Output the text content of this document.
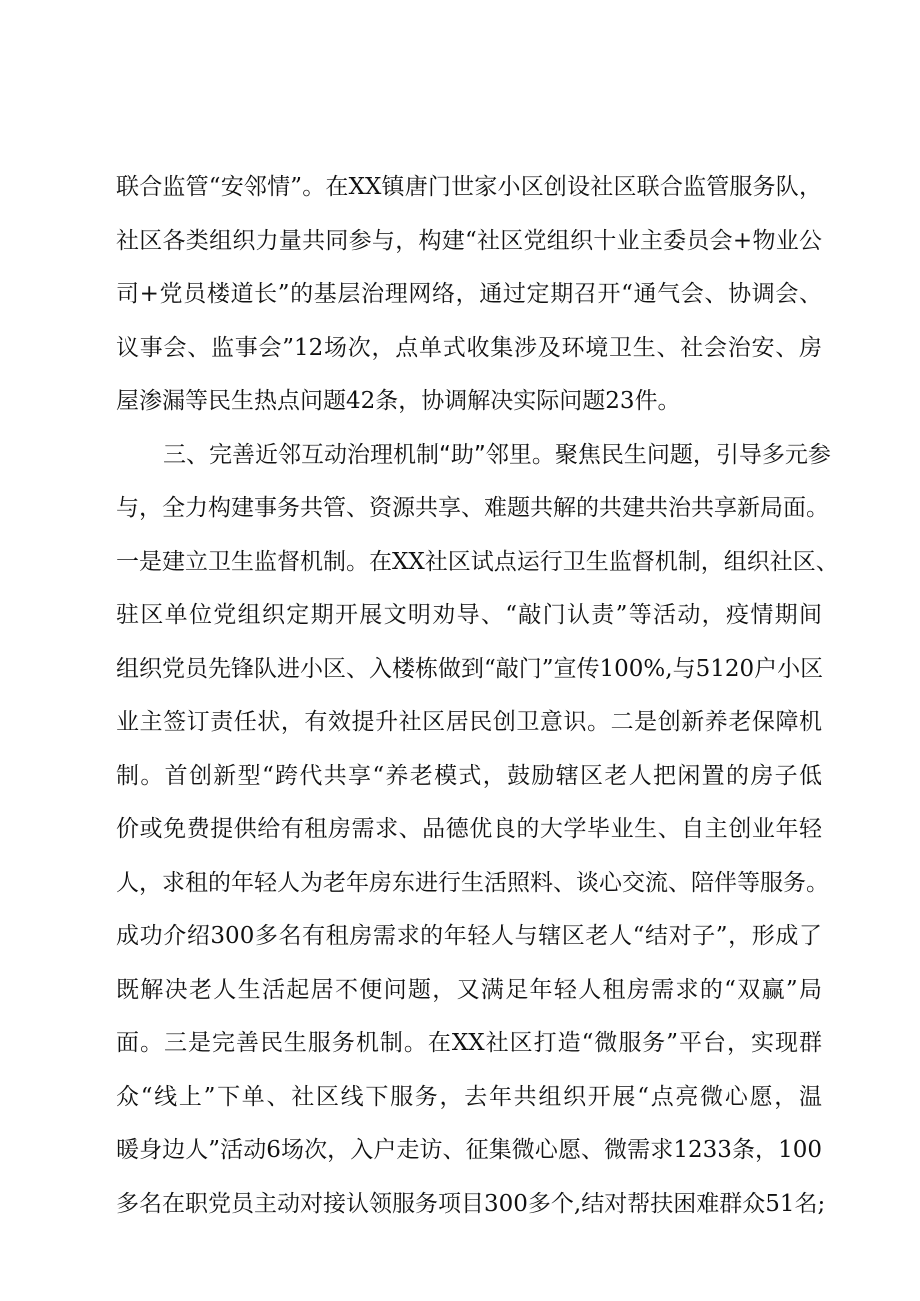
联合监管“安邻情”。在XX镇唐门世家小区创设社区联合监管服务队，
社区各类组织力量共同参与，构建“社区党组织十业主委员会+物业公
司+党员楼道长”的基层治理网络，通过定期召开“通气会、协调会、
议事会、监事会”12场次，点单式收集涉及环境卫生、社会治安、房
屋渗漏等民生热点问题42条，协调解决实际问题23件。
三、完善近邻互动治理机制“助”邻里。聚焦民生问题，引导多元参
与，全力构建事务共管、资源共享、难题共解的共建共治共享新局面。
一是建立卫生监督机制。在XX社区试点运行卫生监督机制，组织社区、
驻区单位党组织定期开展文明劝导、“敲门认责”等活动，疫情期间
组织党员先锋队进小区、入楼栋做到“敲门”宣传100%,与5120户小区
业主签订责任状，有效提升社区居民创卫意识。二是创新养老保障机
制。首创新型“跨代共享“养老模式，鼓励辖区老人把闲置的房子低
价或免费提供给有租房需求、品德优良的大学毕业生、自主创业年轻
人，求租的年轻人为老年房东进行生活照料、谈心交流、陪伴等服务。
成功介绍300多名有租房需求的年轻人与辖区老人“结对子”，形成了
既解决老人生活起居不便问题，又满足年轻人租房需求的“双赢”局
面。三是完善民生服务机制。在XX社区打造“微服务”平台，实现群
众“线上”下单、社区线下服务，去年共组织开展“点亮微心愿，温
暖身边人”活动6场次，入户走访、征集微心愿、微需求1233条，100
多名在职党员主动对接认领服务项目300多个,结对帮扶困难群众51名;
